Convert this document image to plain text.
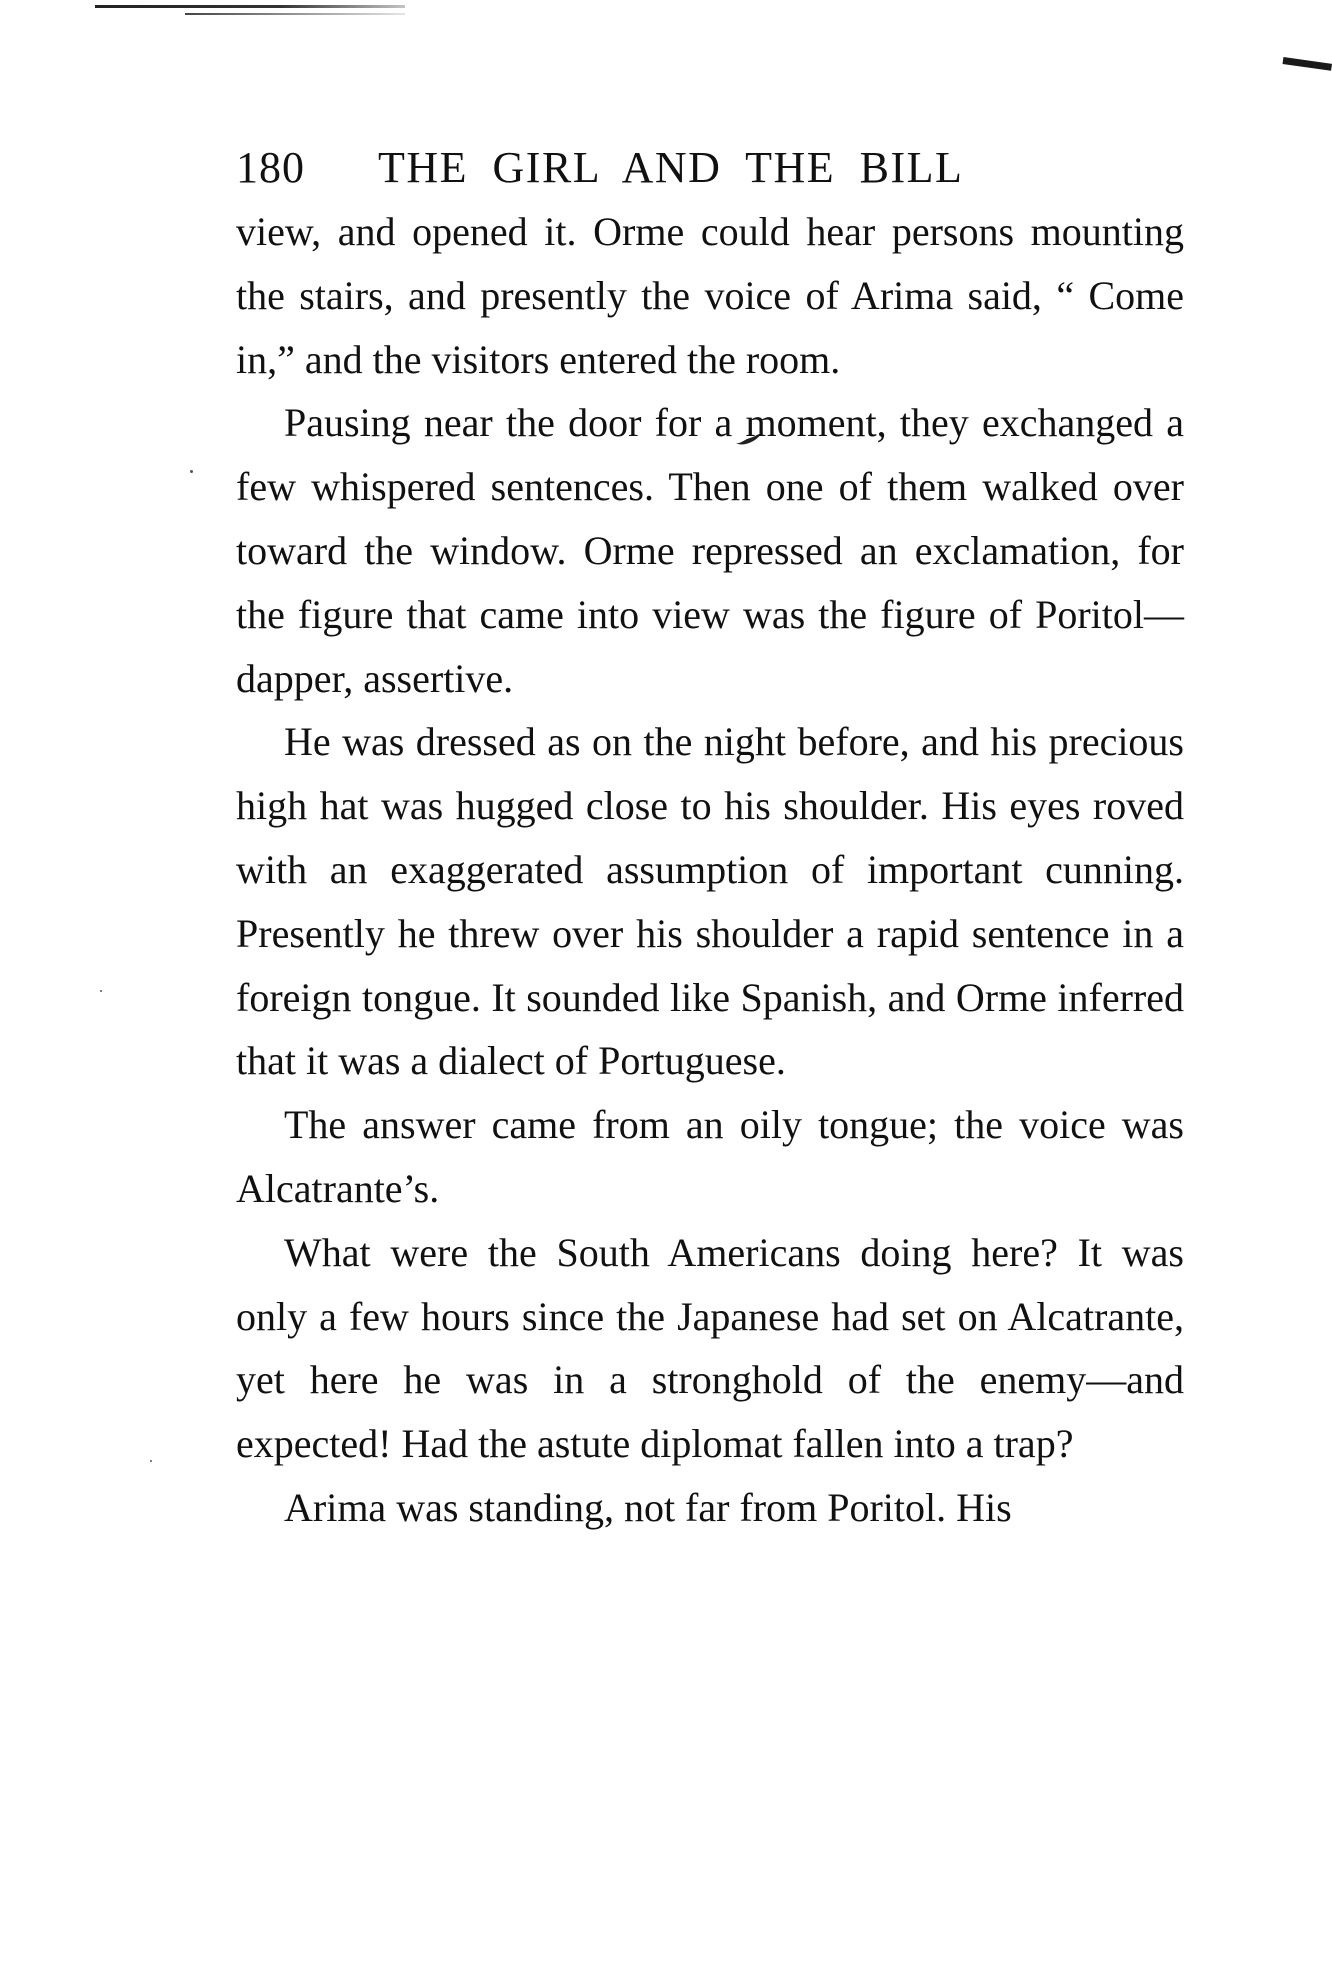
180 THE GIRL AND THE BILL

view, and opened it. Orme could hear persons mounting the stairs, and presently the voice of Arima said, “ Come in,” and the visitors entered the room.

Pausing near the door for a moment, they exchanged a few whispered sentences. Then one of them walked over toward the window. Orme repressed an exclamation, for the figure that came into view was the figure of Poritol—dapper, assertive.

He was dressed as on the night before, and his precious high hat was hugged close to his shoulder. His eyes roved with an exaggerated assumption of important cunning. Presently he threw over his shoulder a rapid sentence in a foreign tongue. It sounded like Spanish, and Orme inferred that it was a dialect of Portuguese.

The answer came from an oily tongue; the voice was Alcatrante’s.

What were the South Americans doing here? It was only a few hours since the Japanese had set on Alcatrante, yet here he was in a stronghold of the enemy—and expected! Had the astute diplomat fallen into a trap?

Arima was standing, not far from Poritol. His
